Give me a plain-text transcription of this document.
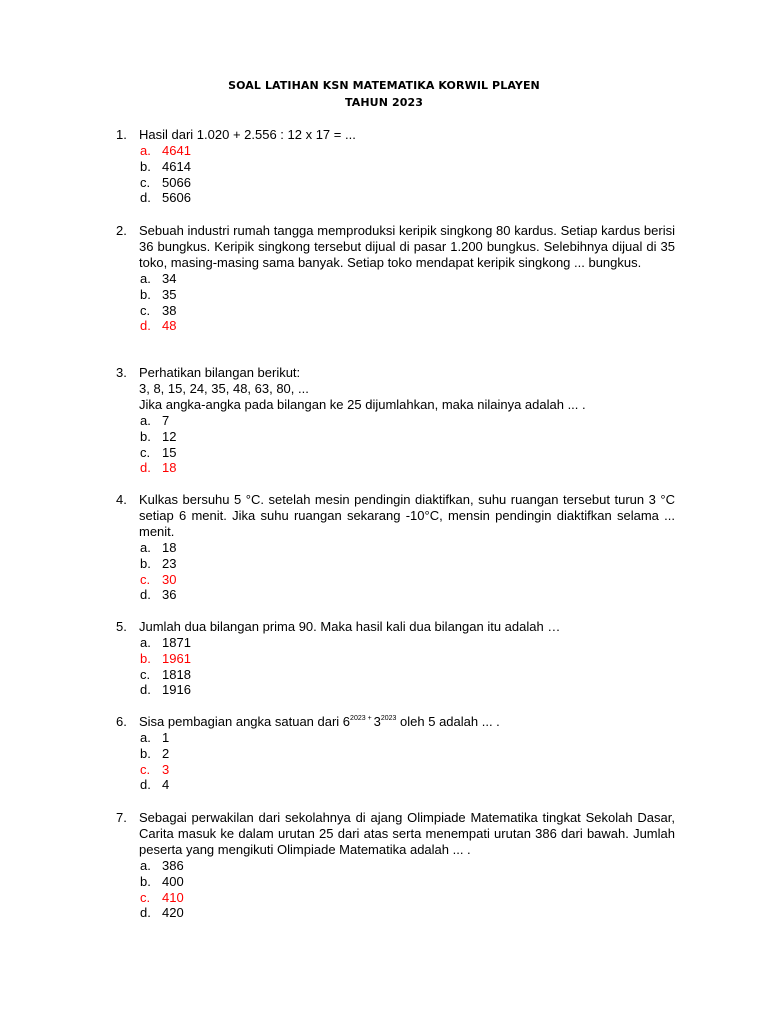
SOAL LATIHAN KSN MATEMATIKA KORWIL PLAYEN
TAHUN 2023
1. Hasil dari 1.020 + 2.556 : 12 x 17 = ...
a. 4641
b. 4614
c. 5066
d. 5606
2. Sebuah industri rumah tangga memproduksi keripik singkong 80 kardus. Setiap kardus berisi 36 bungkus. Keripik singkong tersebut dijual di pasar 1.200 bungkus. Selebihnya dijual di 35 toko, masing-masing sama banyak. Setiap toko mendapat keripik singkong ... bungkus.
a. 34
b. 35
c. 38
d. 48
3. Perhatikan bilangan berikut:
3, 8, 15, 24, 35, 48, 63, 80, ...
Jika angka-angka pada bilangan ke 25 dijumlahkan, maka nilainya adalah ... .
a. 7
b. 12
c. 15
d. 18
4. Kulkas bersuhu 5 °C. setelah mesin pendingin diaktifkan, suhu ruangan tersebut turun 3 °C setiap 6 menit. Jika suhu ruangan sekarang -10°C, mensin pendingin diaktifkan selama ... menit.
a. 18
b. 23
c. 30
d. 36
5. Jumlah dua bilangan prima 90. Maka hasil kali dua bilangan itu adalah …
a. 1871
b. 1961
c. 1818
d. 1916
6. Sisa pembagian angka satuan dari $6^{2023 +}$ $3^{2023}$ oleh 5 adalah ... .
a. 1
b. 2
c. 3
d. 4
7. Sebagai perwakilan dari sekolahnya di ajang Olimpiade Matematika tingkat Sekolah Dasar, Carita masuk ke dalam urutan 25 dari atas serta menempati urutan 386 dari bawah. Jumlah peserta yang mengikuti Olimpiade Matematika adalah ... .
a. 386
b. 400
c. 410
d. 420
